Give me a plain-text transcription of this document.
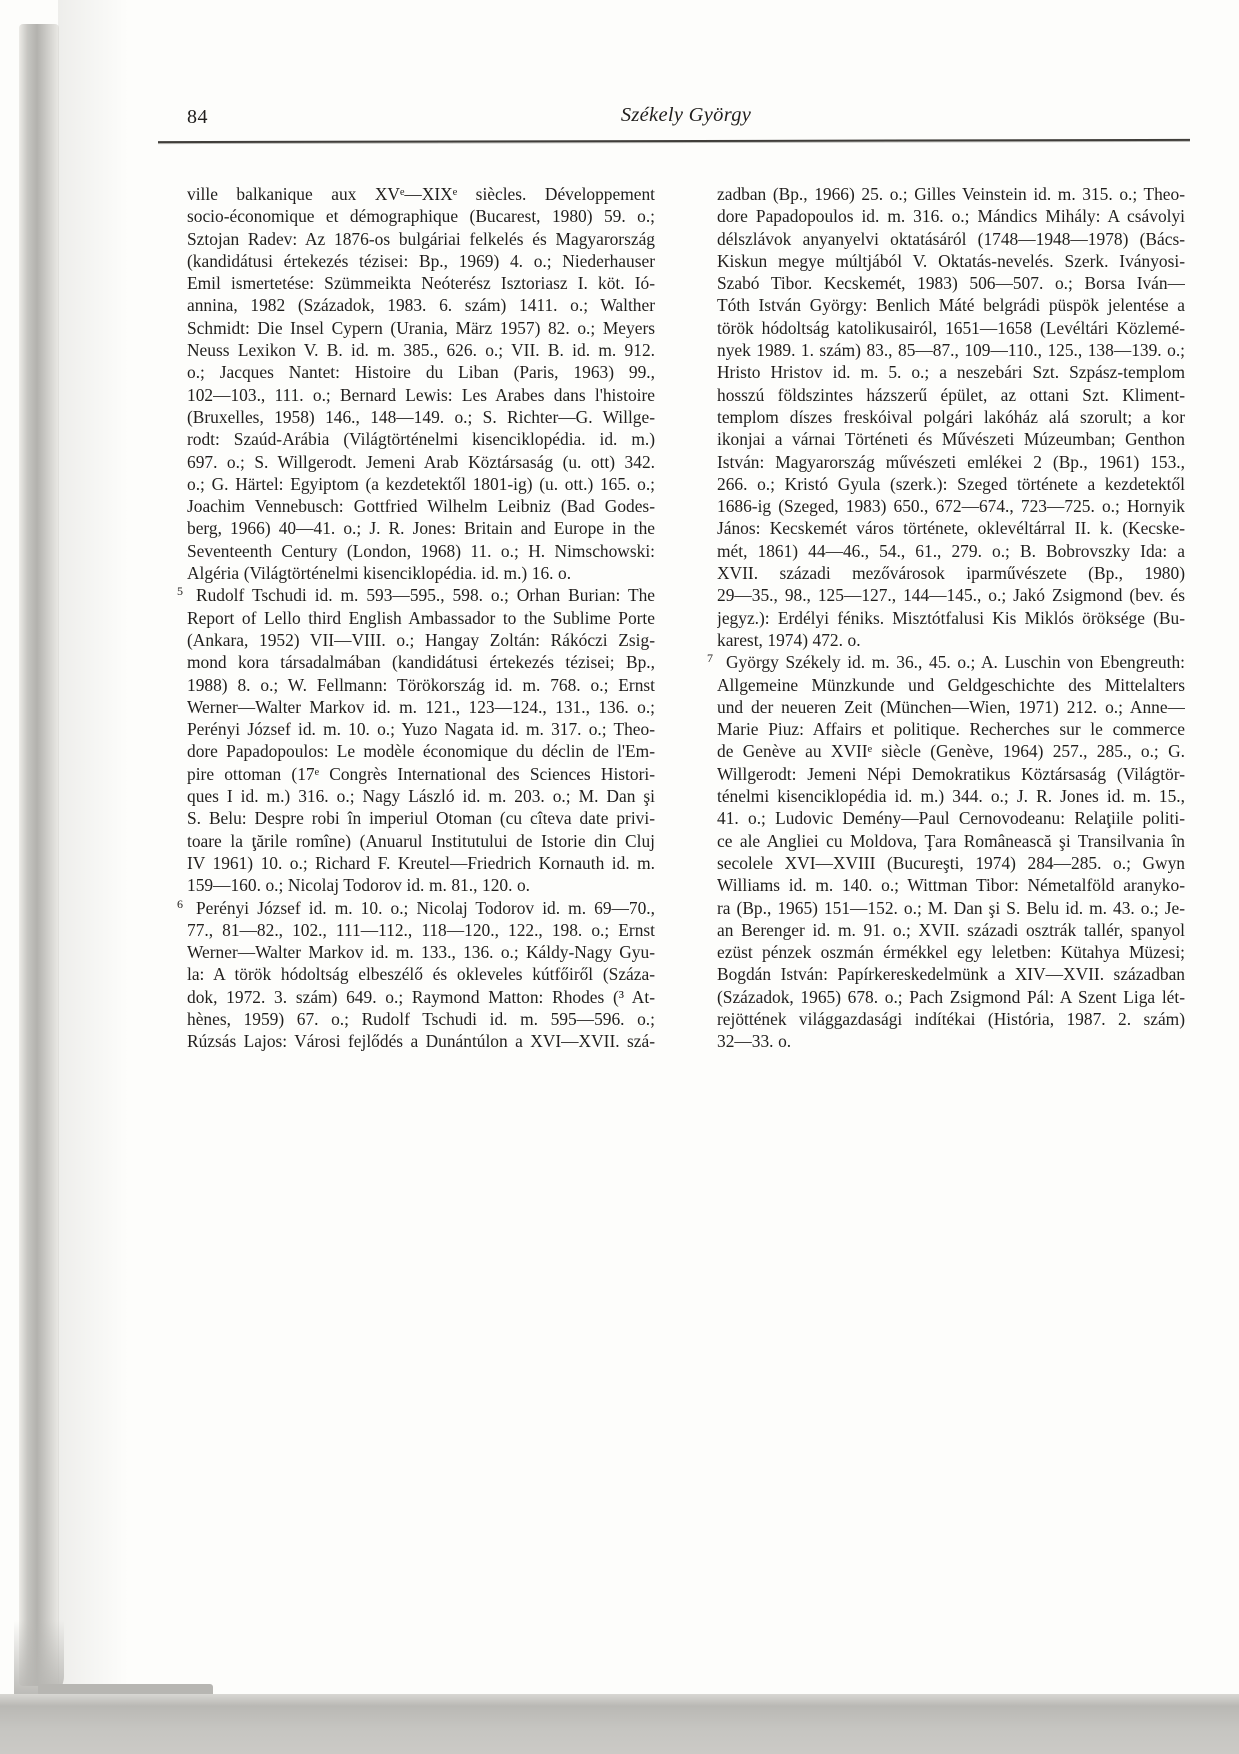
84	Székely György
ville balkanique aux XVᵉ—XIXᵉ siècles. Développement
socio-économique et démographique (Bucarest, 1980) 59. o.;
Sztojan Radev: Az 1876-os bulgáriai felkelés és Magyarország
(kandidátusi értekezés tézisei: Bp., 1969) 4. o.; Niederhauser
Emil ismertetése: Szümmeikta Neóterész Isztoriasz I. köt. Ió-
annina, 1982 (Századok, 1983. 6. szám) 1411. o.; Walther
Schmidt: Die Insel Cypern (Urania, März 1957) 82. o.; Meyers
Neuss Lexikon V. B. id. m. 385., 626. o.; VII. B. id. m. 912.
o.; Jacques Nantet: Histoire du Liban (Paris, 1963) 99.,
102—103., 111. o.; Bernard Lewis: Les Arabes dans l'histoire
(Bruxelles, 1958) 146., 148—149. o.; S. Richter—G. Willge-
rodt: Szaúd-Arábia (Világtörténelmi kisenciklopédia. id. m.)
697. o.; S. Willgerodt. Jemeni Arab Köztársaság (u. ott) 342.
o.; G. Härtel: Egyiptom (a kezdetektől 1801-ig) (u. ott.) 165. o.;
Joachim Vennebusch: Gottfried Wilhelm Leibniz (Bad Godes-
berg, 1966) 40—41. o.; J. R. Jones: Britain and Europe in the
Seventeenth Century (London, 1968) 11. o.; H. Nimschowski:
Algéria (Világtörténelmi kisenciklopédia. id. m.) 16. o.
5 Rudolf Tschudi id. m. 593—595., 598. o.; Orhan Burian: The
Report of Lello third English Ambassador to the Sublime Porte
(Ankara, 1952) VII—VIII. o.; Hangay Zoltán: Rákóczi Zsig-
mond kora társadalmában (kandidátusi értekezés tézisei; Bp.,
1988) 8. o.; W. Fellmann: Törökország id. m. 768. o.; Ernst
Werner—Walter Markov id. m. 121., 123—124., 131., 136. o.;
Perényi József id. m. 10. o.; Yuzo Nagata id. m. 317. o.; Theo-
dore Papadopoulos: Le modèle économique du déclin de l'Em-
pire ottoman (17ᵉ Congrès International des Sciences Histori-
ques I id. m.) 316. o.; Nagy László id. m. 203. o.; M. Dan şi
S. Belu: Despre robi în imperiul Otoman (cu cîteva date privi-
toare la ţările romîne) (Anuarul Institutului de Istorie din Cluj
IV 1961) 10. o.; Richard F. Kreutel—Friedrich Kornauth id. m.
159—160. o.; Nicolaj Todorov id. m. 81., 120. o.
6 Perényi József id. m. 10. o.; Nicolaj Todorov id. m. 69—70.,
77., 81—82., 102., 111—112., 118—120., 122., 198. o.; Ernst
Werner—Walter Markov id. m. 133., 136. o.; Káldy-Nagy Gyu-
la: A török hódoltság elbeszélő és okleveles kútfőiről (Száza-
dok, 1972. 3. szám) 649. o.; Raymond Matton: Rhodes (³ At-
hènes, 1959) 67. o.; Rudolf Tschudi id. m. 595—596. o.;
Rúzsás Lajos: Városi fejlődés a Dunántúlon a XVI—XVII. szá-
zadban (Bp., 1966) 25. o.; Gilles Veinstein id. m. 315. o.; Theo-
dore Papadopoulos id. m. 316. o.; Mándics Mihály: A csávolyi
délszlávok anyanyelvi oktatásáról (1748—1948—1978) (Bács-
Kiskun megye múltjából V. Oktatás-nevelés. Szerk. Iványosi-
Szabó Tibor. Kecskemét, 1983) 506—507. o.; Borsa Iván—
Tóth István György: Benlich Máté belgrádi püspök jelentése a
török hódoltság katolikusairól, 1651—1658 (Levéltári Közlemé-
nyek 1989. 1. szám) 83., 85—87., 109—110., 125., 138—139. o.;
Hristo Hristov id. m. 5. o.; a neszebári Szt. Szpász-templom
hosszú földszintes házszerű épület, az ottani Szt. Kliment-
templom díszes freskóival polgári lakóház alá szorult; a kor
ikonjai a várnai Történeti és Művészeti Múzeumban; Genthon
István: Magyarország művészeti emlékei 2 (Bp., 1961) 153.,
266. o.; Kristó Gyula (szerk.): Szeged története a kezdetektől
1686-ig (Szeged, 1983) 650., 672—674., 723—725. o.; Hornyik
János: Kecskemét város története, oklevéltárral II. k. (Kecske-
mét, 1861) 44—46., 54., 61., 279. o.; B. Bobrovszky Ida: a
XVII. századi mezővárosok iparművészete (Bp., 1980)
29—35., 98., 125—127., 144—145., o.; Jakó Zsigmond (bev. és
jegyz.): Erdélyi féniks. Misztótfalusi Kis Miklós öröksége (Bu-
karest, 1974) 472. o.
7 György Székely id. m. 36., 45. o.; A. Luschin von Ebengreuth:
Allgemeine Münzkunde und Geldgeschichte des Mittelalters
und der neueren Zeit (München—Wien, 1971) 212. o.; Anne—
Marie Piuz: Affairs et politique. Recherches sur le commerce
de Genève au XVIIᵉ siècle (Genève, 1964) 257., 285., o.; G.
Willgerodt: Jemeni Népi Demokratikus Köztársaság (Világtör-
ténelmi kisenciklopédia id. m.) 344. o.; J. R. Jones id. m. 15.,
41. o.; Ludovic Demény—Paul Cernovodeanu: Relaţiile politi-
ce ale Angliei cu Moldova, Ţara Românească şi Transilvania în
secolele XVI—XVIII (Bucureşti, 1974) 284—285. o.; Gwyn
Williams id. m. 140. o.; Wittman Tibor: Németalföld aranyko-
ra (Bp., 1965) 151—152. o.; M. Dan şi S. Belu id. m. 43. o.; Je-
an Berenger id. m. 91. o.; XVII. századi osztrák tallér, spanyol
ezüst pénzek oszmán érmékkel egy leletben: Kütahya Müzesi;
Bogdán István: Papírkereskedelmünk a XIV—XVII. században
(Századok, 1965) 678. o.; Pach Zsigmond Pál: A Szent Liga lét-
rejöttének világgazdasági indítékai (História, 1987. 2. szám)
32—33. o.
